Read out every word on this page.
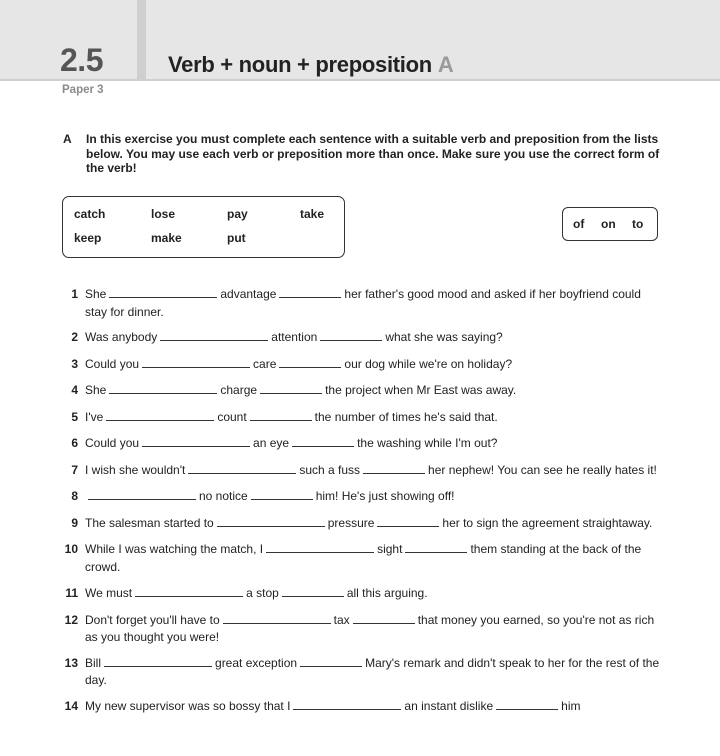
2.5
Paper 3
Verb + noun + preposition A
A In this exercise you must complete each sentence with a suitable verb and preposition from the lists below. You may use each verb or preposition more than once. Make sure you use the correct form of the verb!
catch	lose	pay	take
keep	make	put
of on to
1 She	advantage	her father's good mood and asked if her boyfriend could stay for dinner.
2 Was anybody	attention	what she was saying?
3 Could you	care	our dog while we're on holiday?
4 She	charge	the project when Mr East was away.
5 I've	count	the number of times he's said that.
6 Could you	an eye	the washing while I'm out?
7 I wish she wouldn't	such a fuss	her nephew! You can see he really hates it!
8	no notice	him! He's just showing off!
9 The salesman started to	pressure	her to sign the agreement straightaway.
10 While I was watching the match, I	sight	them standing at the back of the crowd.
11 We must	a stop	all this arguing.
12 Don't forget you'll have to	tax	that money you earned, so you're not as rich as you thought you were!
13 Bill	great exception	Mary's remark and didn't speak to her for the rest of the day.
14 My new supervisor was so bossy that I	an instant dislike	him
